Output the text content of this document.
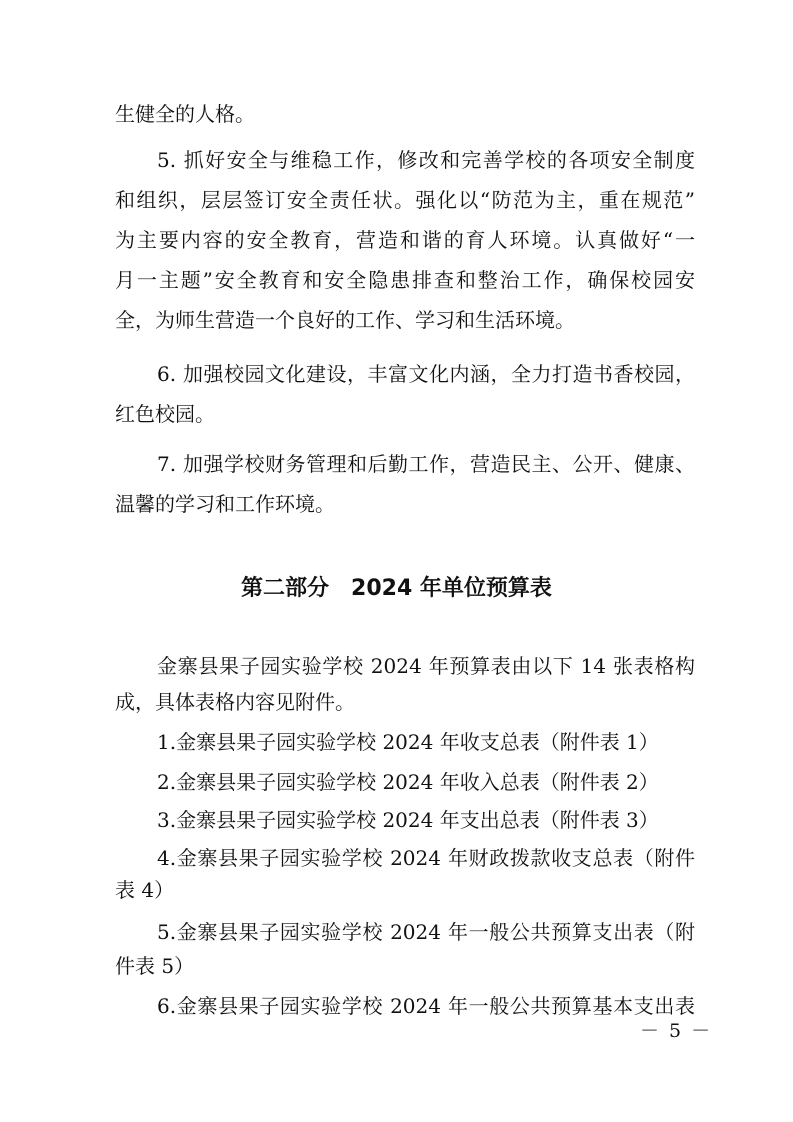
生健全的人格。

5. 抓好安全与维稳工作，修改和完善学校的各项安全制度

和组织，层层签订安全责任状。强化以“防范为主，重在规范”

为主要内容的安全教育，营造和谐的育人环境。认真做好“一

月一主题”安全教育和安全隐患排查和整治工作，确保校园安

全，为师生营造一个良好的工作、学习和生活环境。

6. 加强校园文化建设，丰富文化内涵，全力打造书香校园，

红色校园。

7. 加强学校财务管理和后勤工作，营造民主、公开、健康、

温馨的学习和工作环境。

第二部分　2024 年单位预算表

金寨县果子园实验学校 2024 年预算表由以下 14 张表格构

成，具体表格内容见附件。

1.金寨县果子园实验学校 2024 年收支总表（附件表 1）

2.金寨县果子园实验学校 2024 年收入总表（附件表 2）

3.金寨县果子园实验学校 2024 年支出总表（附件表 3）

4.金寨县果子园实验学校 2024 年财政拨款收支总表（附件

表 4）

5.金寨县果子园实验学校 2024 年一般公共预算支出表（附

件表 5）

6.金寨县果子园实验学校 2024 年一般公共预算基本支出表

－ 5 －
